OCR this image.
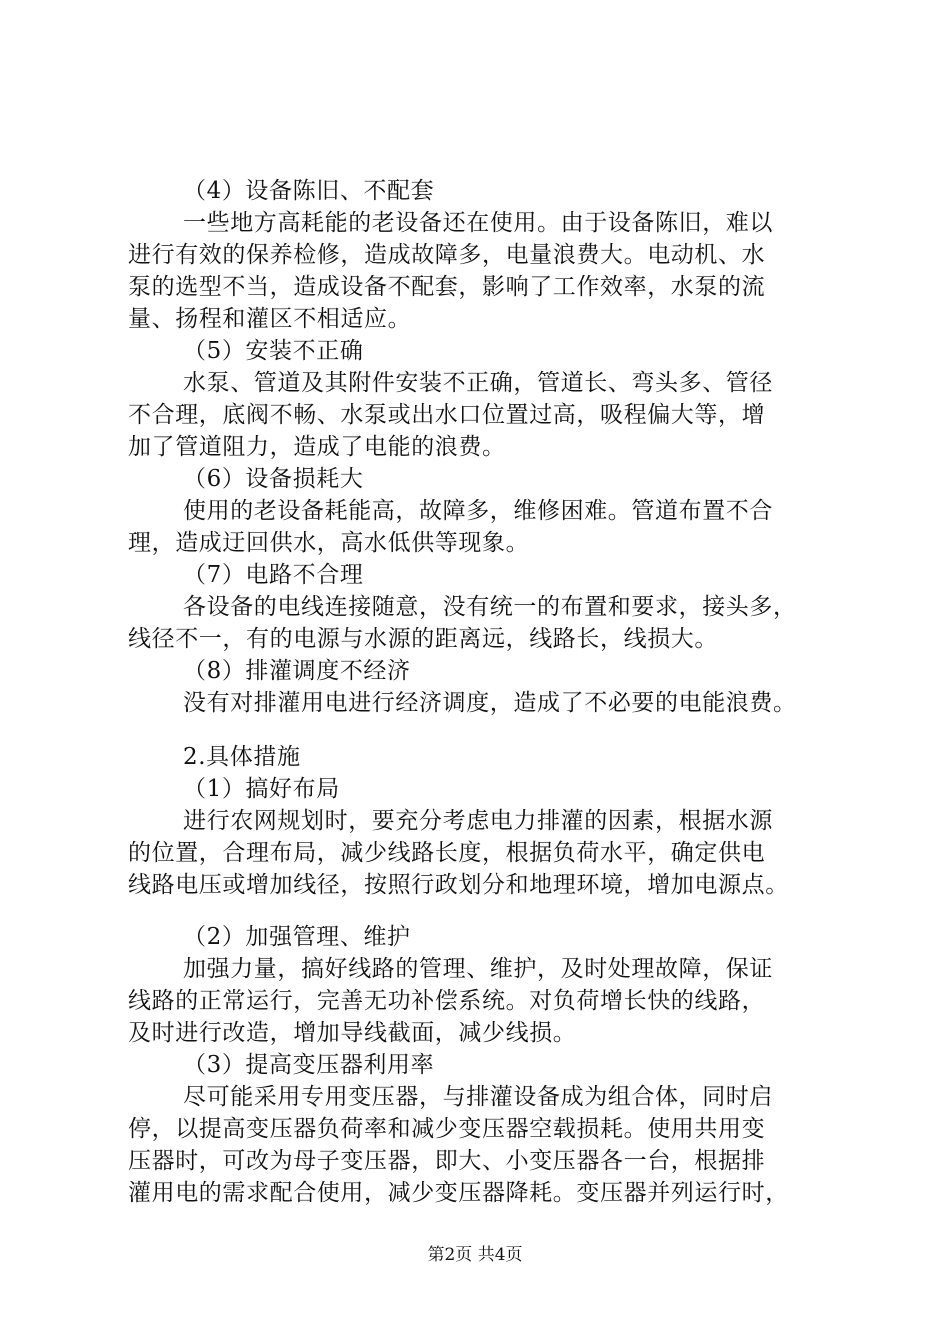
（4）设备陈旧、不配套
一些地方高耗能的老设备还在使用。由于设备陈旧，难以
进行有效的保养检修，造成故障多，电量浪费大。电动机、水
泵的选型不当，造成设备不配套，影响了工作效率，水泵的流
量、扬程和灌区不相适应。
（5）安装不正确
水泵、管道及其附件安装不正确，管道长、弯头多、管径
不合理，底阀不畅、水泵或出水口位置过高，吸程偏大等，增
加了管道阻力，造成了电能的浪费。
（6）设备损耗大
使用的老设备耗能高，故障多，维修困难。管道布置不合
理，造成迂回供水，高水低供等现象。
（7）电路不合理
各设备的电线连接随意，没有统一的布置和要求，接头多，
线径不一，有的电源与水源的距离远，线路长，线损大。
（8）排灌调度不经济
没有对排灌用电进行经济调度，造成了不必要的电能浪费。
2.具体措施
（1）搞好布局
进行农网规划时，要充分考虑电力排灌的因素，根据水源
的位置，合理布局，减少线路长度，根据负荷水平，确定供电
线路电压或增加线径，按照行政划分和地理环境，增加电源点。
（2）加强管理、维护
加强力量，搞好线路的管理、维护，及时处理故障，保证
线路的正常运行，完善无功补偿系统。对负荷增长快的线路，
及时进行改造，增加导线截面，减少线损。
（3）提高变压器利用率
尽可能采用专用变压器，与排灌设备成为组合体，同时启
停，以提高变压器负荷率和减少变压器空载损耗。使用共用变
压器时，可改为母子变压器，即大、小变压器各一台，根据排
灌用电的需求配合使用，减少变压器降耗。变压器并列运行时，
第2页 共4页
